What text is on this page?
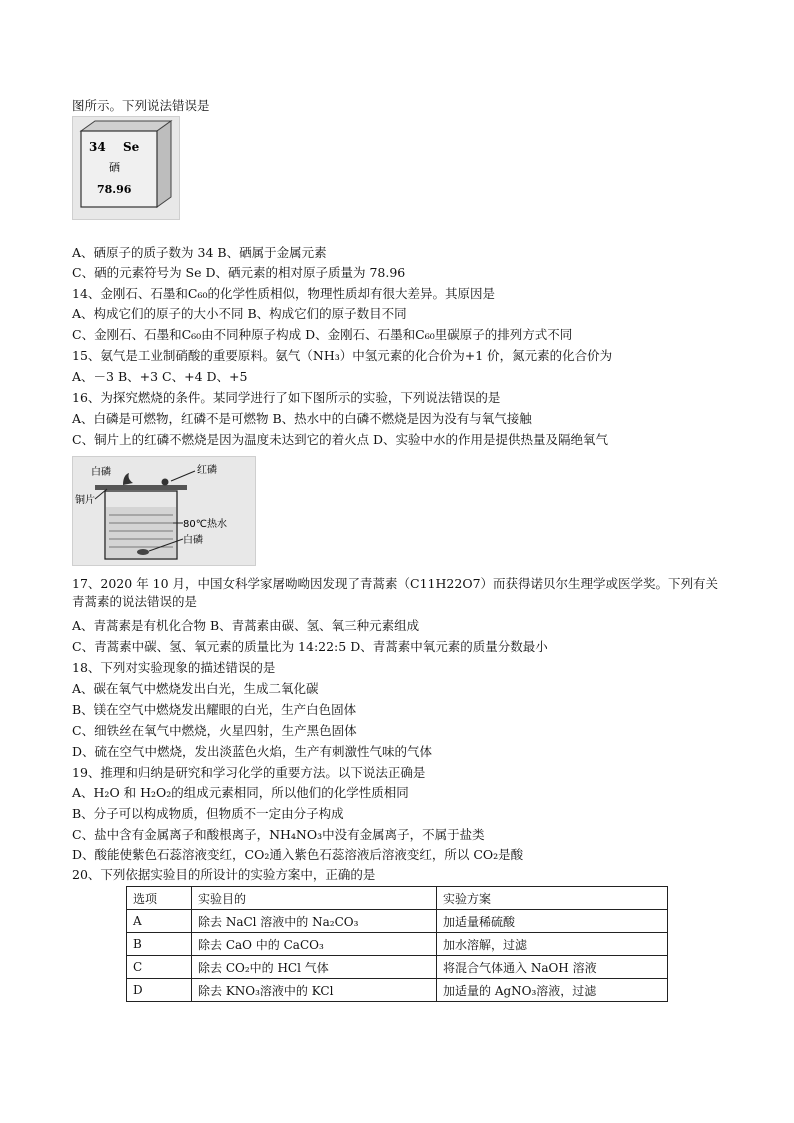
图所示。下列说法错误是
34 Se
硒
78.96
A、硒原子的质子数为 34 B、硒属于金属元素
C、硒的元素符号为 Se D、硒元素的相对原子质量为 78.96
14、金刚石、石墨和C₆₀的化学性质相似，物理性质却有很大差异。其原因是
A、构成它们的原子的大小不同 B、构成它们的原子数目不同
C、金刚石、石墨和C₆₀由不同种原子构成 D、金刚石、石墨和C₆₀里碳原子的排列方式不同
15、氨气是工业制硝酸的重要原料。氨气（NH₃）中氢元素的化合价为+1 价，氮元素的化合价为
A、－3 B、+3 C、+4 D、+5
16、为探究燃烧的条件。某同学进行了如下图所示的实验，下列说法错误的是
A、白磷是可燃物，红磷不是可燃物 B、热水中的白磷不燃烧是因为没有与氧气接触
C、铜片上的红磷不燃烧是因为温度未达到它的着火点 D、实验中水的作用是提供热量及隔绝氧气
白磷	红磷
铜片
80℃热水
白磷
17、2020 年 10 月，中国女科学家屠呦呦因发现了青蒿素（C11H22O7）而获得诺贝尔生理学或医学奖。下列有关青蒿素的说法错误的是
A、青蒿素是有机化合物 B、青蒿素由碳、氢、氧三种元素组成
C、青蒿素中碳、氢、氧元素的质量比为 14:22:5 D、青蒿素中氧元素的质量分数最小
18、下列对实验现象的描述错误的是
A、碳在氧气中燃烧发出白光，生成二氧化碳
B、镁在空气中燃烧发出耀眼的白光，生产白色固体
C、细铁丝在氧气中燃烧，火星四射，生产黑色固体
D、硫在空气中燃烧，发出淡蓝色火焰，生产有刺激性气味的气体
19、推理和归纳是研究和学习化学的重要方法。以下说法正确是
A、H₂O 和 H₂O₂的组成元素相同，所以他们的化学性质相同
B、分子可以构成物质，但物质不一定由分子构成
C、盐中含有金属离子和酸根离子，NH₄NO₃中没有金属离子，不属于盐类
D、酸能使紫色石蕊溶液变红，CO₂通入紫色石蕊溶液后溶液变红，所以 CO₂是酸
20、下列依据实验目的所设计的实验方案中，正确的是
选项	实验目的	实验方案
A	除去 NaCl 溶液中的 Na₂CO₃	加适量稀硫酸
B	除去 CaO 中的 CaCO₃	加水溶解，过滤
C	除去 CO₂中的 HCl 气体	将混合气体通入 NaOH 溶液
D	除去 KNO₃溶液中的 KCl	加适量的 AgNO₃溶液，过滤
